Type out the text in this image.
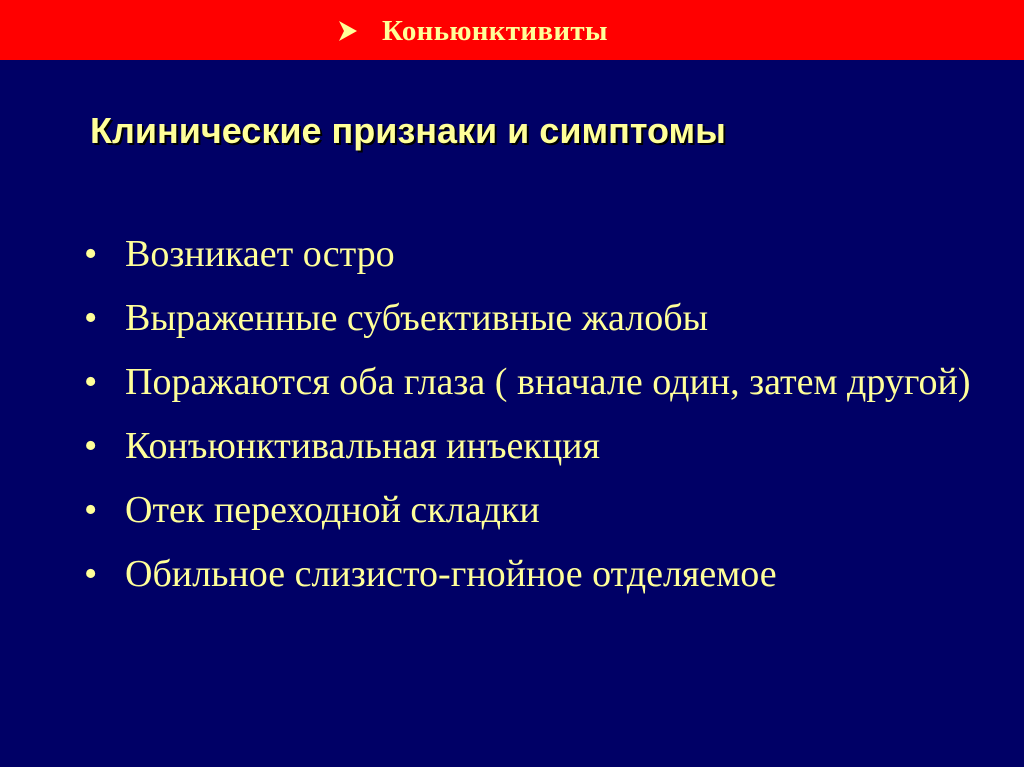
Коньюнктивиты
Клинические признаки и симптомы
• Возникает остро
• Выраженные субъективные жалобы
• Поражаются оба глаза ( вначале один, затем другой)
• Конъюнктивальная инъекция
• Отек переходной складки
• Обильное слизисто-гнойное отделяемое
